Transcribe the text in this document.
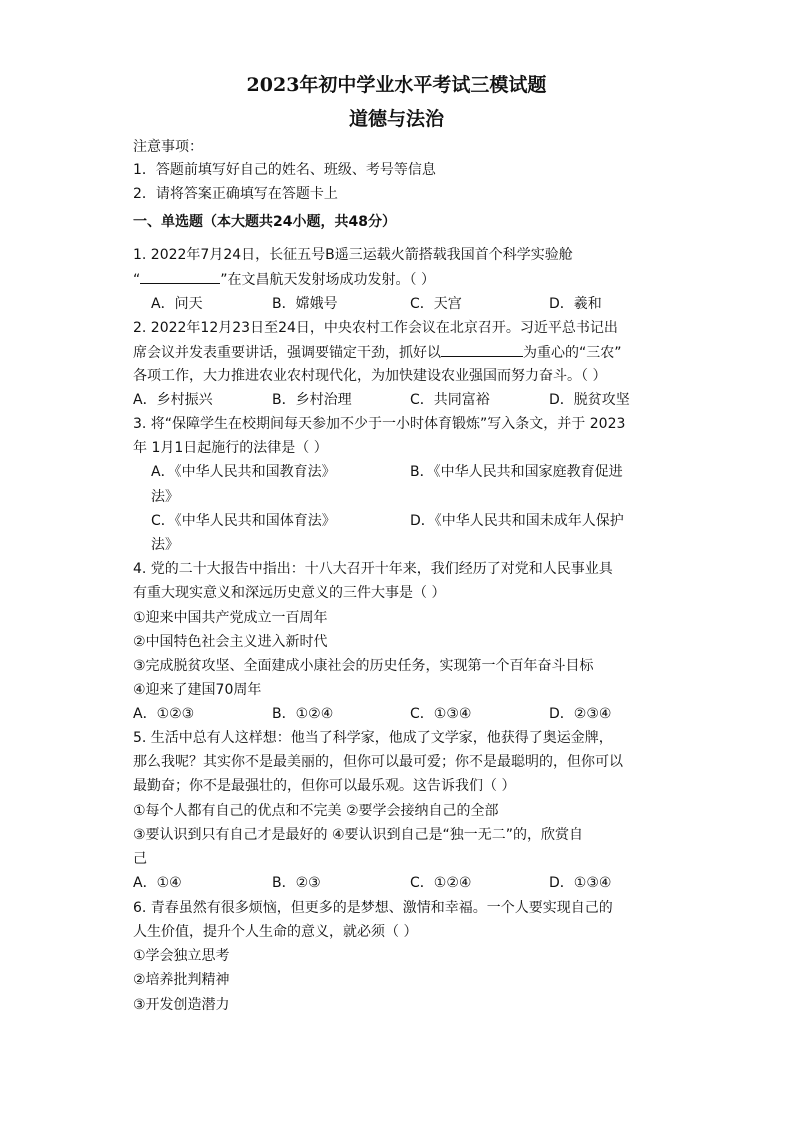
2023年初中学业水平考试三模试题
道德与法治
注意事项：
1．答题前填写好自己的姓名、班级、考号等信息
2．请将答案正确填写在答题卡上
一、单选题（本大题共24小题，共48分）
1. 2022年7月24日，长征五号B遥三运载火箭搭载我国首个科学实验舱
“	”在文昌航天发射场成功发射。（ ）
A．问天	B．嫦娥号	C．天宫	D．羲和
2. 2022年12月23日至24日，中央农村工作会议在北京召开。习近平总书记出
席会议并发表重要讲话，强调要锚定干劲，抓好以	为重心的“三农”
各项工作，大力推进农业农村现代化，为加快建设农业强国而努力奋斗。（ ）
A．乡村振兴	B．乡村治理	C．共同富裕	D．脱贫攻坚
3. 将“保障学生在校期间每天参加不少于一小时体育锻炼”写入条文，并于 2023
年 1月1日起施行的法律是（ ）
A．《中华人民共和国教育法》	B．《中华人民共和国家庭教育促进
法》
C．《中华人民共和国体育法》	D．《中华人民共和国未成年人保护
法》
4. 党的二十大报告中指出：十八大召开十年来，我们经历了对党和人民事业具
有重大现实意义和深远历史意义的三件大事是（ ）
①迎来中国共产党成立一百周年
②中国特色社会主义进入新时代
③完成脱贫攻坚、全面建成小康社会的历史任务，实现第一个百年奋斗目标
④迎来了建国70周年
A．①②③	B．①②④	C．①③④	D．②③④
5. 生活中总有人这样想：他当了科学家，他成了文学家，他获得了奥运金牌，
那么我呢？其实你不是最美丽的，但你可以最可爱；你不是最聪明的，但你可以
最勤奋；你不是最强壮的，但你可以最乐观。这告诉我们（ ）
①每个人都有自己的优点和不完美 ②要学会接纳自己的全部
③要认识到只有自己才是最好的 ④要认识到自己是“独一无二”的，欣赏自
己
A．①④	B．②③	C．①②④	D．①③④
6. 青春虽然有很多烦恼，但更多的是梦想、激情和幸福。一个人要实现自己的
人生价值，提升个人生命的意义，就必须（ ）
①学会独立思考
②培养批判精神
③开发创造潜力
